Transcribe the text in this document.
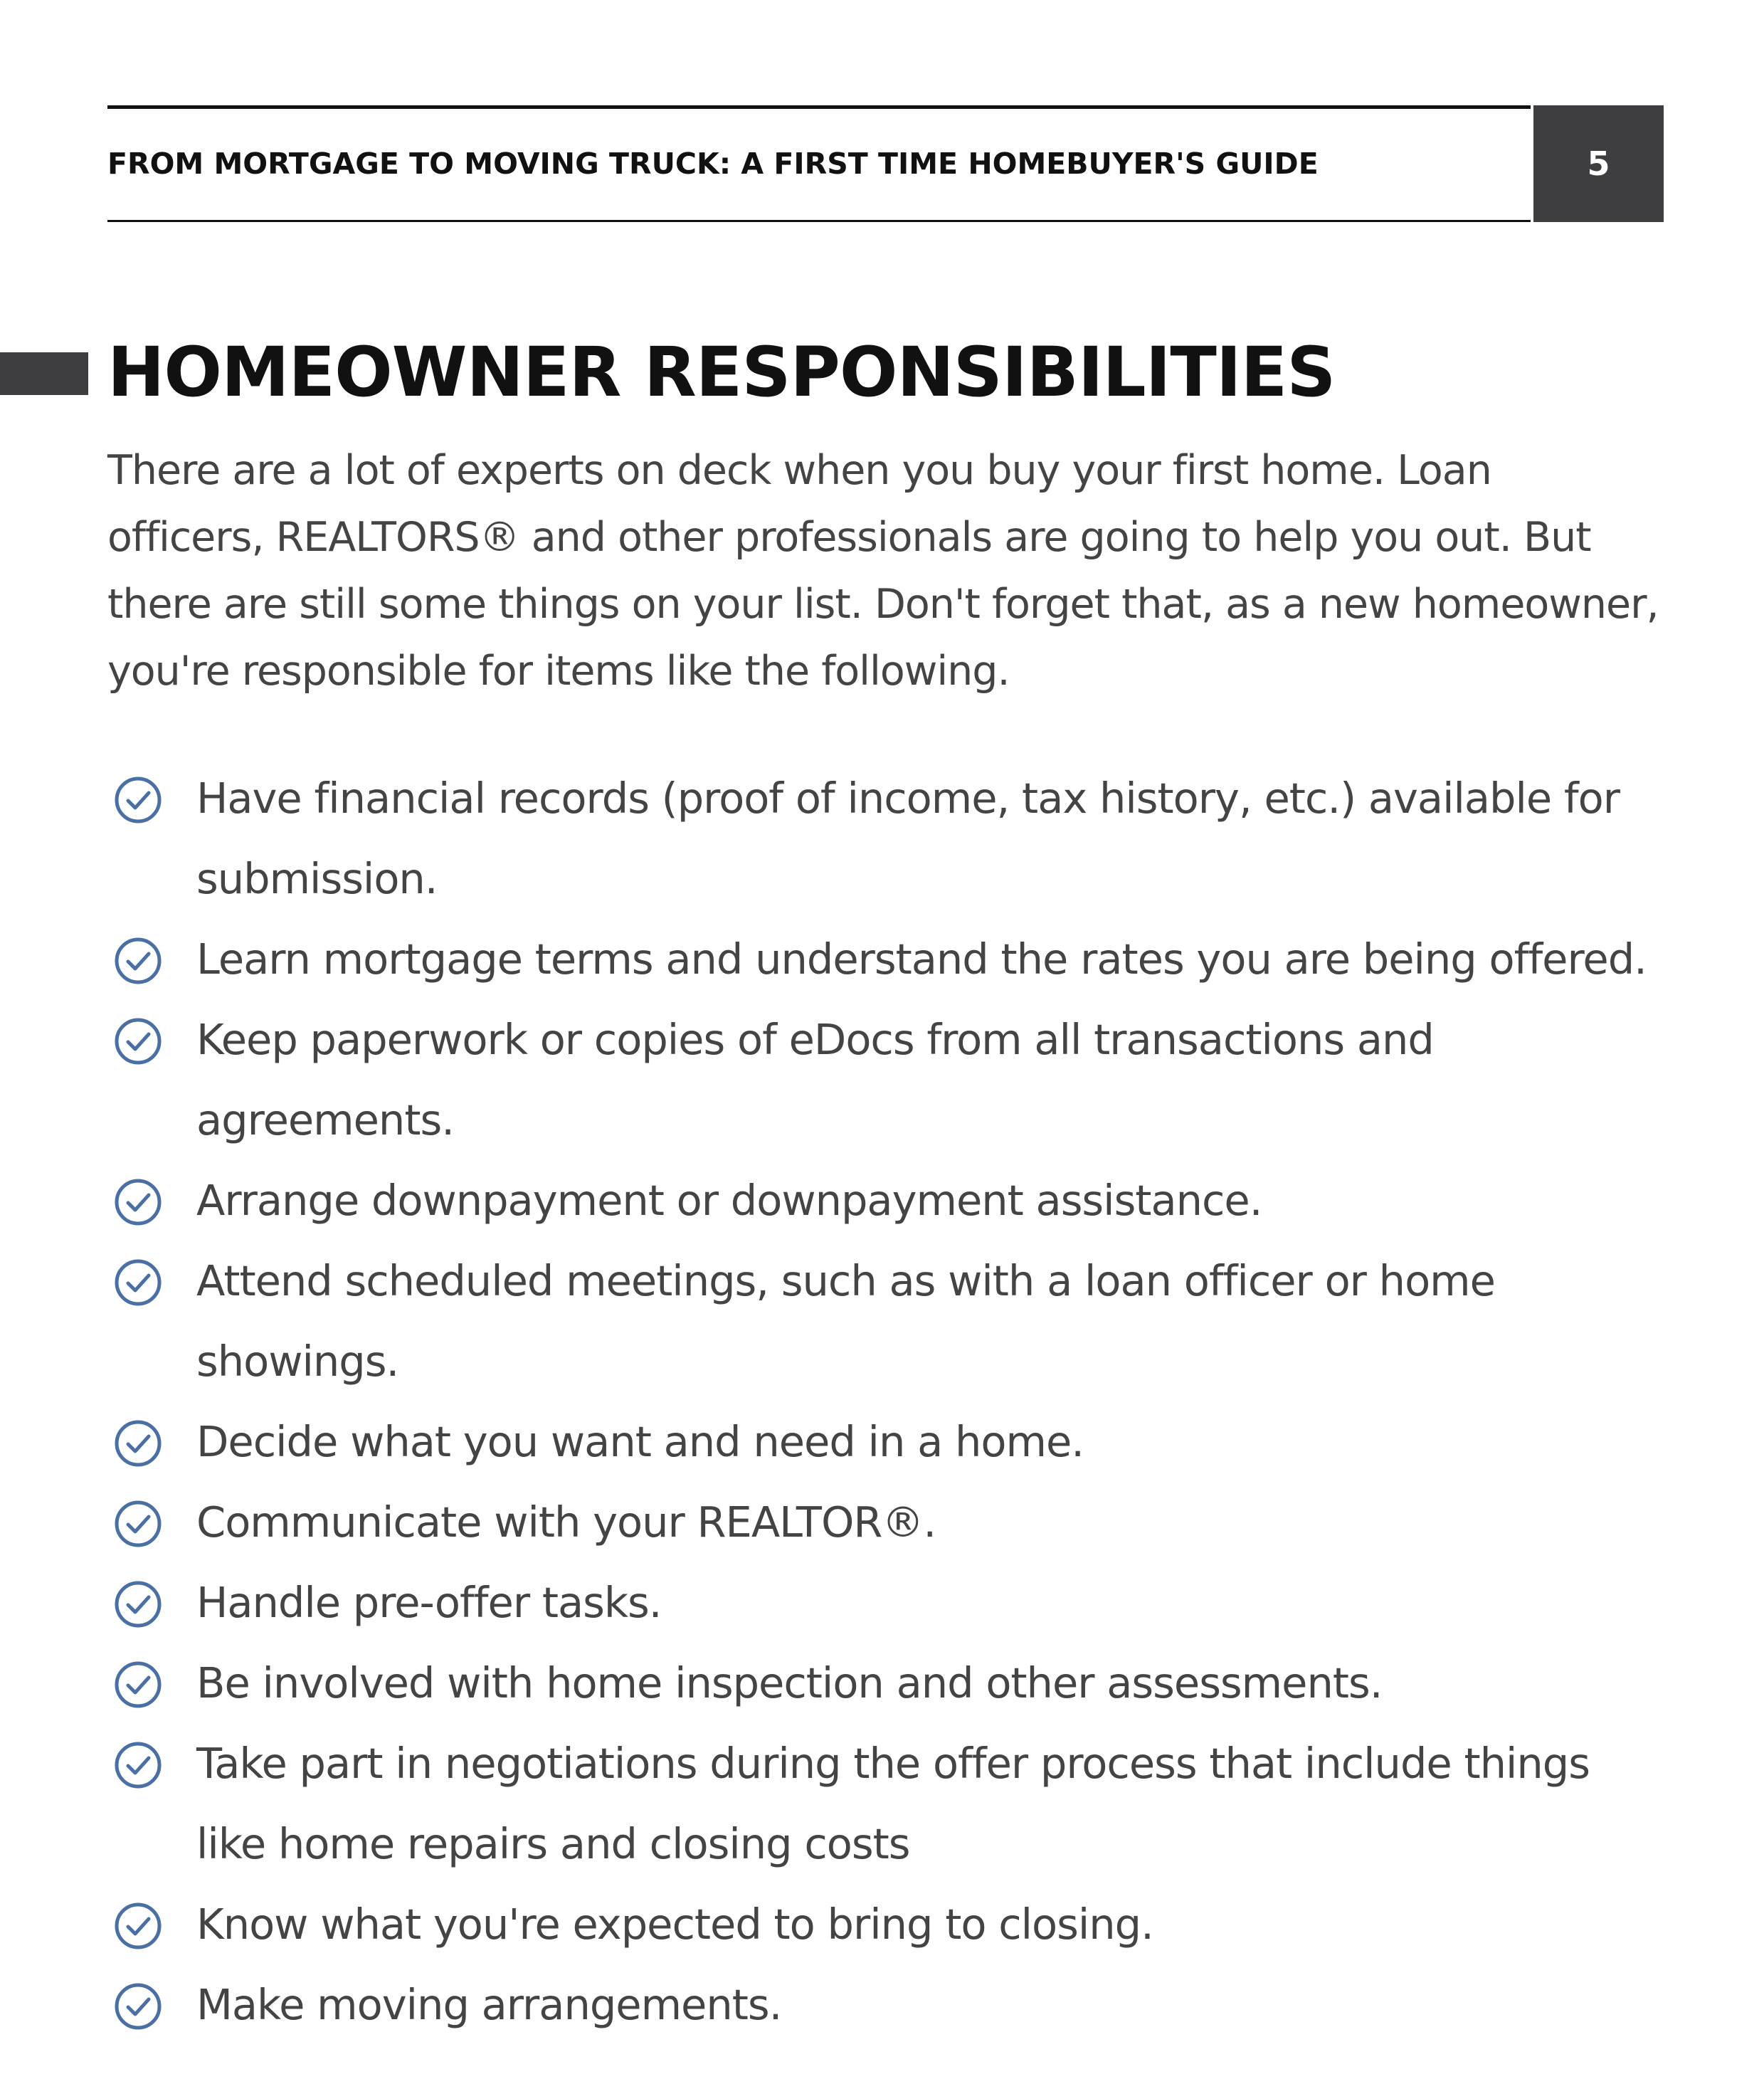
FROM MORTGAGE TO MOVING TRUCK: A FIRST TIME HOMEBUYER'S GUIDE	5
HOMEOWNER RESPONSIBILITIES

There are a lot of experts on deck when you buy your first home. Loan officers, REALTORS® and other professionals are going to help you out. But there are still some things on your list. Don't forget that, as a new homeowner, you're responsible for items like the following.

Have financial records (proof of income, tax history, etc.) available for submission.
Learn mortgage terms and understand the rates you are being offered.
Keep paperwork or copies of eDocs from all transactions and agreements.
Arrange downpayment or downpayment assistance.
Attend scheduled meetings, such as with a loan officer or home showings.
Decide what you want and need in a home.
Communicate with your REALTOR®.
Handle pre-offer tasks.
Be involved with home inspection and other assessments.
Take part in negotiations during the offer process that include things like home repairs and closing costs
Know what you're expected to bring to closing.
Make moving arrangements.
